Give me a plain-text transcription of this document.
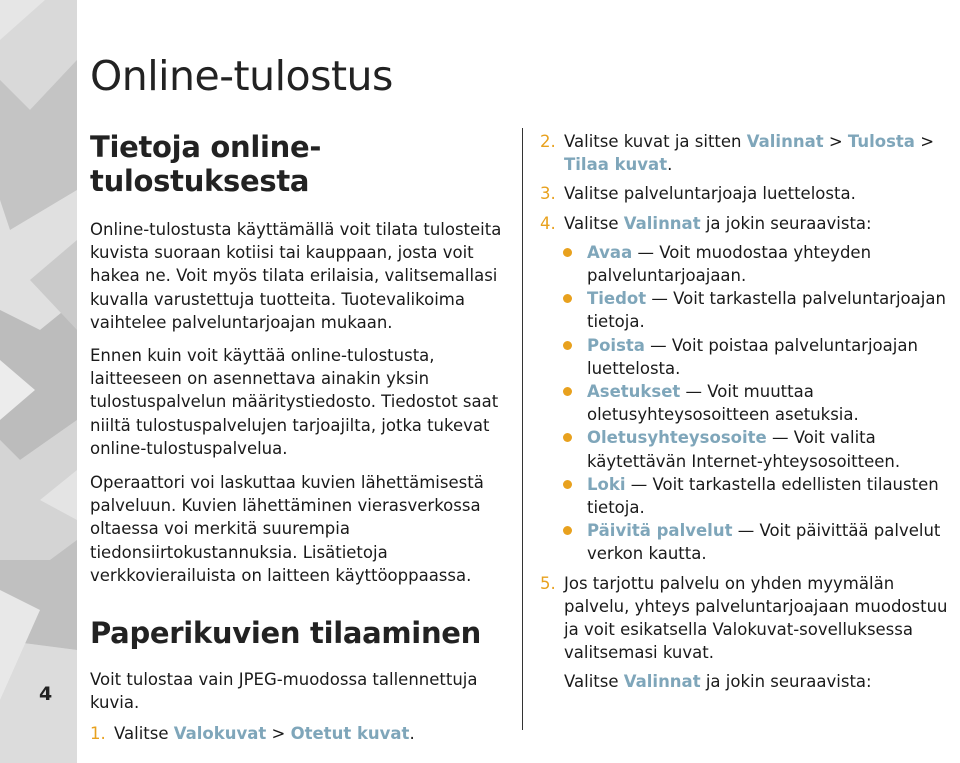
4
Online-tulostus
Tietoja online-tulostuksesta

Online-tulostusta käyttämällä voit tilata tulosteita kuvista suoraan kotiisi tai kauppaan, josta voit hakea ne. Voit myös tilata erilaisia, valitsemallasi kuvalla varustettuja tuotteita. Tuotevalikoima vaihtelee palveluntarjoajan mukaan.

Ennen kuin voit käyttää online-tulostusta, laitteeseen on asennettava ainakin yksin tulostuspalvelun määritystiedosto. Tiedostot saat niiltä tulostuspalvelujen tarjoajilta, jotka tukevat online-tulostuspalvelua.

Operaattori voi laskuttaa kuvien lähettämisestä palveluun. Kuvien lähettäminen vierasverkossa oltaessa voi merkitä suurempia tiedonsiirtokustannuksia. Lisätietoja verkkovierailuista on laitteen käyttöoppaassa.

Paperikuvien tilaaminen

Voit tulostaa vain JPEG-muodossa tallennettuja kuvia.

1. Valitse Valokuvat > Otetut kuvat.
2. Valitse kuvat ja sitten Valinnat > Tulosta > Tilaa kuvat.
3. Valitse palveluntarjoaja luettelosta.
4. Valitse Valinnat ja jokin seuraavista:
Avaa — Voit muodostaa yhteyden palveluntarjoajaan.
Tiedot — Voit tarkastella palveluntarjoajan tietoja.
Poista — Voit poistaa palveluntarjoajan luettelosta.
Asetukset — Voit muuttaa oletusyhteysosoitteen asetuksia.
Oletusyhteysosoite — Voit valita käytettävän Internet-yhteysosoitteen.
Loki — Voit tarkastella edellisten tilausten tietoja.
Päivitä palvelut — Voit päivittää palvelut verkon kautta.
5. Jos tarjottu palvelu on yhden myymälän palvelu, yhteys palveluntarjoajaan muodostuu ja voit esikatsella Valokuvat-sovelluksessa valitsemasi kuvat.
Valitse Valinnat ja jokin seuraavista:
